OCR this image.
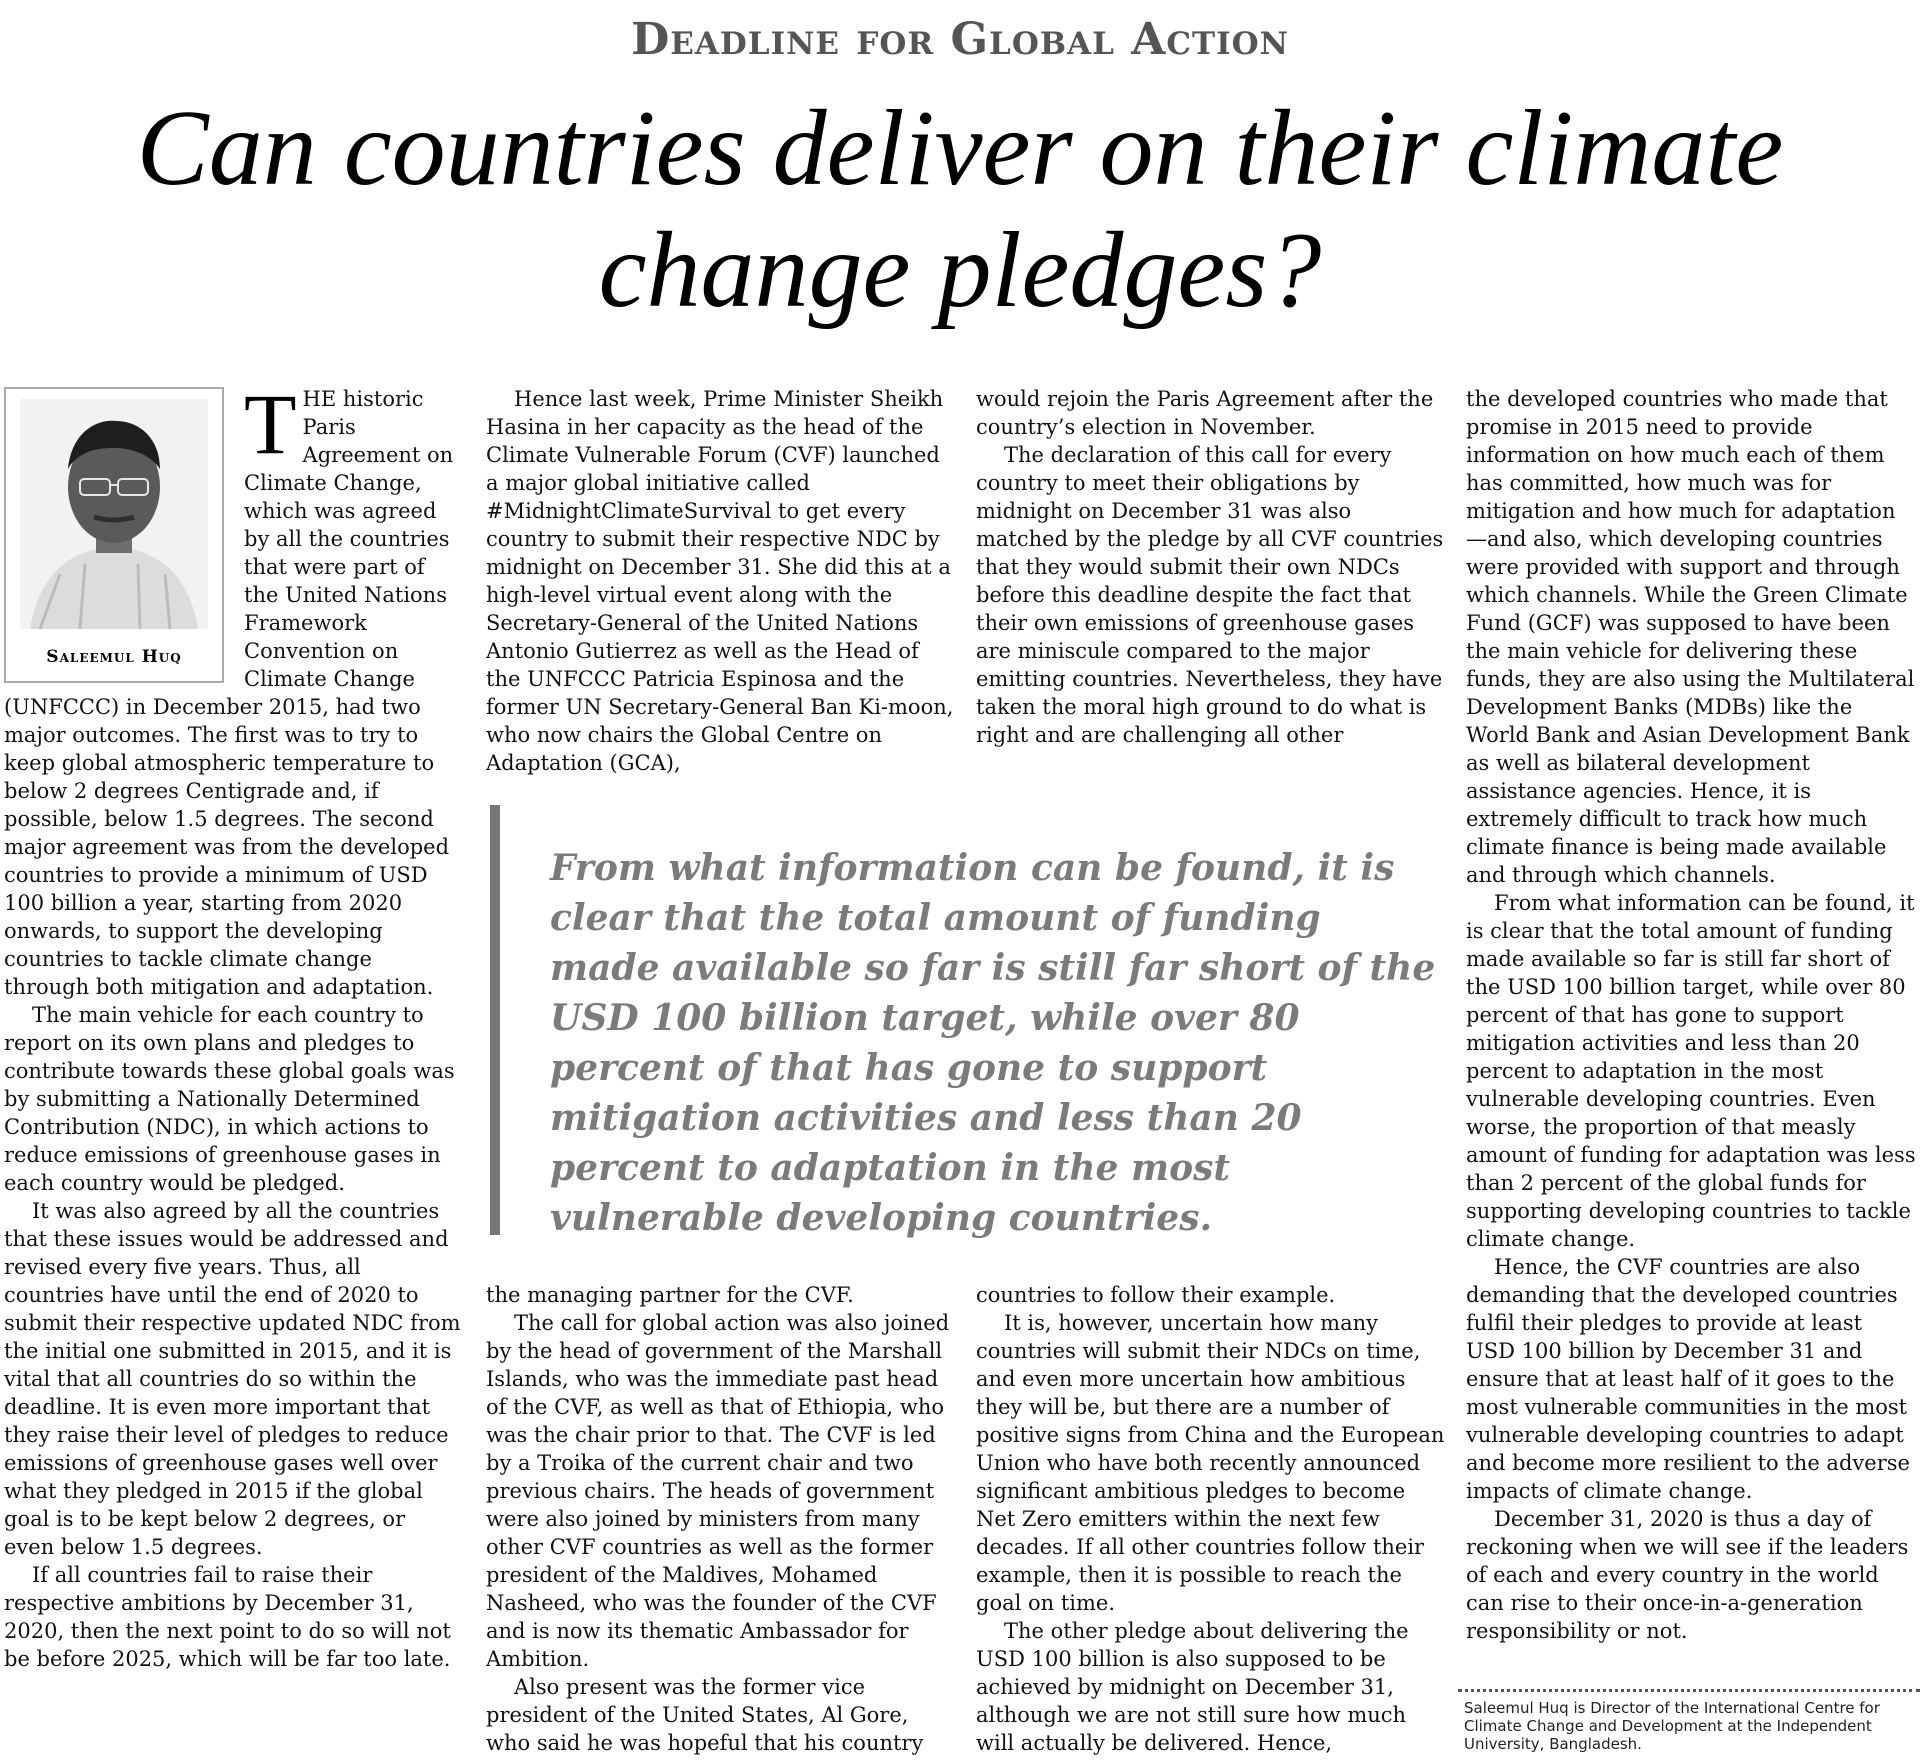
Deadline for Global Action
Can countries deliver on their climate
change pledges?
Saleemul Huq

THE historic Paris Agreement on Climate Change, which was agreed by all the countries that were part of the United Nations Framework Convention on Climate Change (UNFCCC) in December 2015, had two major outcomes. The first was to try to keep global atmospheric temperature to below 2 degrees Centigrade and, if possible, below 1.5 degrees. The second major agreement was from the developed countries to provide a minimum of USD 100 billion a year, starting from 2020 onwards, to support the developing countries to tackle climate change through both mitigation and adaptation.

The main vehicle for each country to report on its own plans and pledges to contribute towards these global goals was by submitting a Nationally Determined Contribution (NDC), in which actions to reduce emissions of greenhouse gases in each country would be pledged.

It was also agreed by all the countries that these issues would be addressed and revised every five years. Thus, all countries have until the end of 2020 to submit their respective updated NDC from the initial one submitted in 2015, and it is vital that all countries do so within the deadline. It is even more important that they raise their level of pledges to reduce emissions of greenhouse gases well over what they pledged in 2015 if the global goal is to be kept below 2 degrees, or even below 1.5 degrees.

If all countries fail to raise their respective ambitions by December 31, 2020, then the next point to do so will not be before 2025, which will be far too late.

Hence last week, Prime Minister Sheikh Hasina in her capacity as the head of the Climate Vulnerable Forum (CVF) launched a major global initiative called #MidnightClimateSurvival to get every country to submit their respective NDC by midnight on December 31. She did this at a high-level virtual event along with the Secretary-General of the United Nations Antonio Gutierrez as well as the Head of the UNFCCC Patricia Espinosa and the former UN Secretary-General Ban Ki-moon, who now chairs the Global Centre on Adaptation (GCA),

would rejoin the Paris Agreement after the country’s election in November.

The declaration of this call for every country to meet their obligations by midnight on December 31 was also matched by the pledge by all CVF countries that they would submit their own NDCs before this deadline despite the fact that their own emissions of greenhouse gases are miniscule compared to the major emitting countries. Nevertheless, they have taken the moral high ground to do what is right and are challenging all other

From what information can be found, it is clear that the total amount of funding made available so far is still far short of the USD 100 billion target, while over 80 percent of that has gone to support mitigation activities and less than 20 percent to adaptation in the most vulnerable developing countries.

the managing partner for the CVF.

The call for global action was also joined by the head of government of the Marshall Islands, who was the immediate past head of the CVF, as well as that of Ethiopia, who was the chair prior to that. The CVF is led by a Troika of the current chair and two previous chairs. The heads of government were also joined by ministers from many other CVF countries as well as the former president of the Maldives, Mohamed Nasheed, who was the founder of the CVF and is now its thematic Ambassador for Ambition.

Also present was the former vice president of the United States, Al Gore, who said he was hopeful that his country

countries to follow their example.

It is, however, uncertain how many countries will submit their NDCs on time, and even more uncertain how ambitious they will be, but there are a number of positive signs from China and the European Union who have both recently announced significant ambitious pledges to become Net Zero emitters within the next few decades. If all other countries follow their example, then it is possible to reach the goal on time.

The other pledge about delivering the USD 100 billion is also supposed to be achieved by midnight on December 31, although we are not still sure how much will actually be delivered. Hence,

the developed countries who made that promise in 2015 need to provide information on how much each of them has committed, how much was for mitigation and how much for adaptation—and also, which developing countries were provided with support and through which channels. While the Green Climate Fund (GCF) was supposed to have been the main vehicle for delivering these funds, they are also using the Multilateral Development Banks (MDBs) like the World Bank and Asian Development Bank as well as bilateral development assistance agencies. Hence, it is extremely difficult to track how much climate finance is being made available and through which channels.

From what information can be found, it is clear that the total amount of funding made available so far is still far short of the USD 100 billion target, while over 80 percent of that has gone to support mitigation activities and less than 20 percent to adaptation in the most vulnerable developing countries. Even worse, the proportion of that measly amount of funding for adaptation was less than 2 percent of the global funds for supporting developing countries to tackle climate change.

Hence, the CVF countries are also demanding that the developed countries fulfil their pledges to provide at least USD 100 billion by December 31 and ensure that at least half of it goes to the most vulnerable communities in the most vulnerable developing countries to adapt and become more resilient to the adverse impacts of climate change.

December 31, 2020 is thus a day of reckoning when we will see if the leaders of each and every country in the world can rise to their once-in-a-generation responsibility or not.

Saleemul Huq is Director of the International Centre for Climate Change and Development at the Independent University, Bangladesh.
